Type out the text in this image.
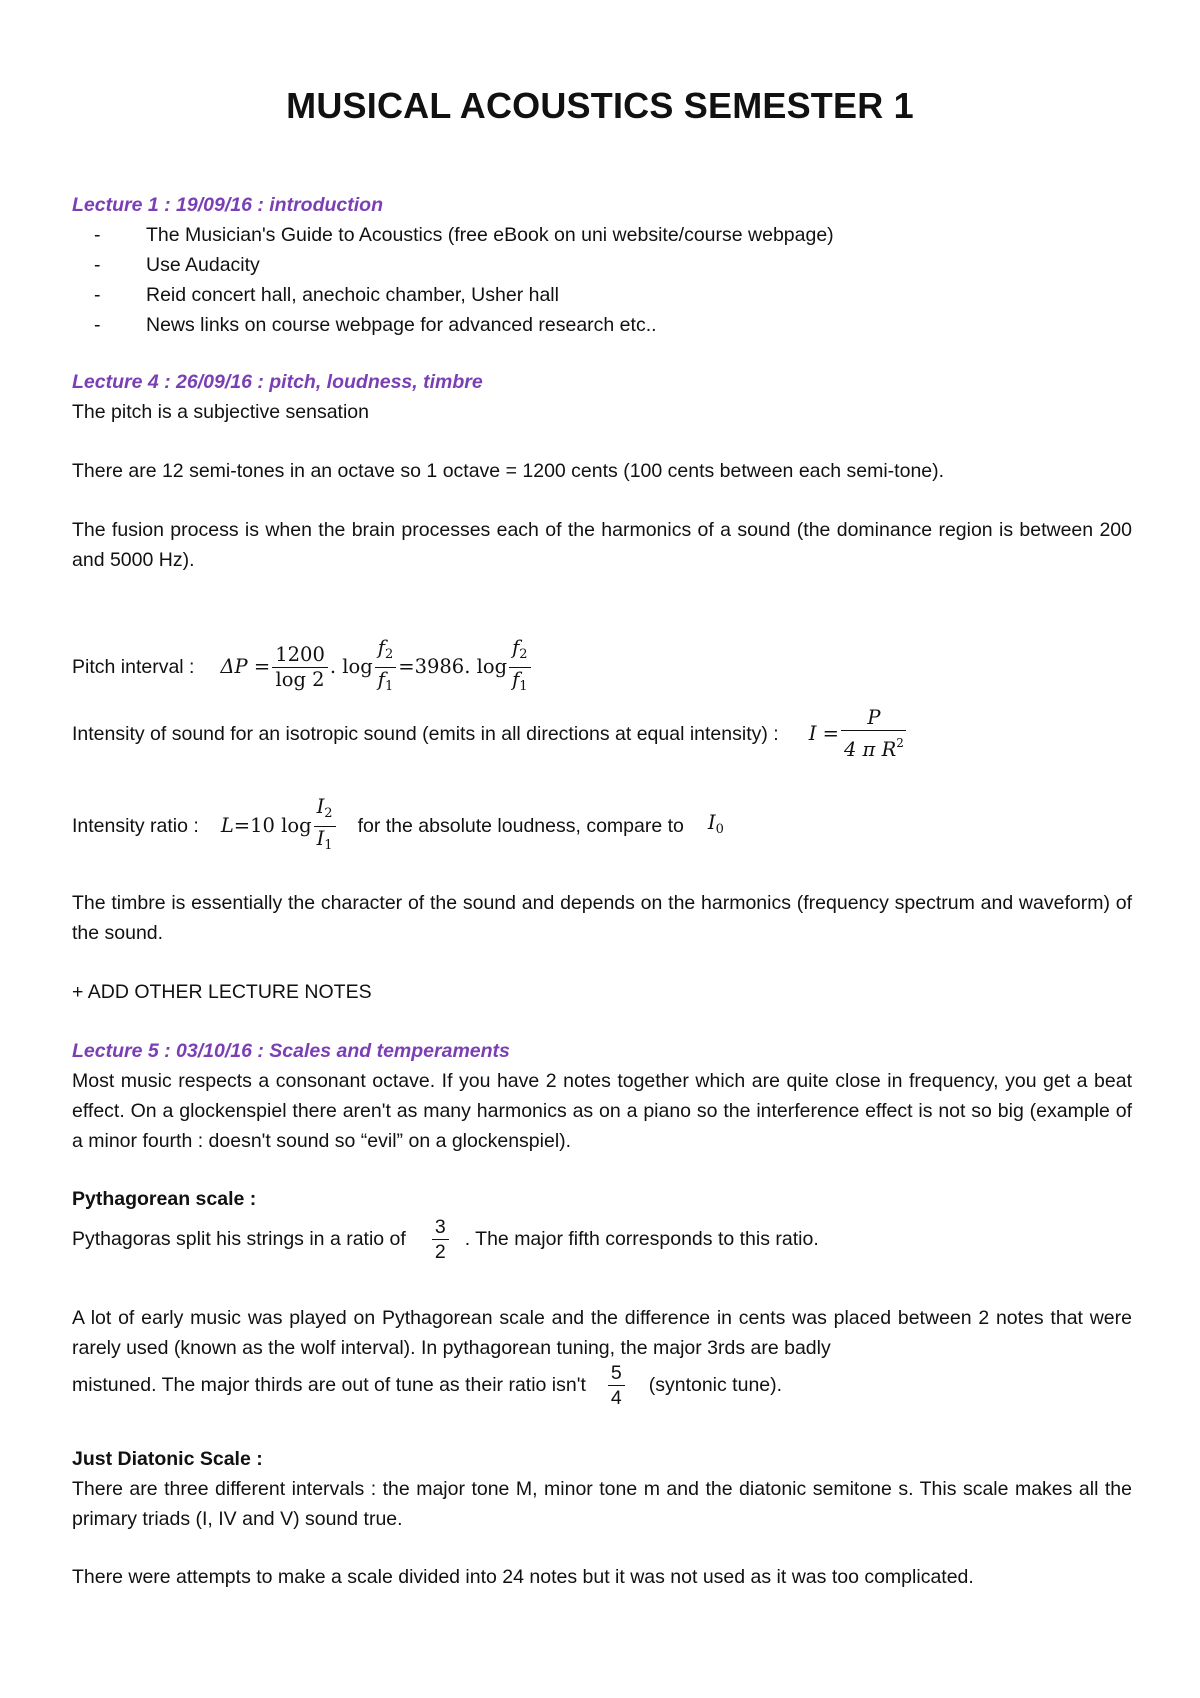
MUSICAL ACOUSTICS SEMESTER 1
Lecture 1 : 19/09/16 : introduction
- The Musician's Guide to Acoustics (free eBook on uni website/course webpage)
- Use Audacity
- Reid concert hall, anechoic chamber, Usher hall
- News links on course webpage for advanced research etc..
Lecture 4 : 26/09/16 : pitch, loudness, timbre
The pitch is a subjective sensation
There are 12 semi-tones in an octave so 1 octave = 1200 cents (100 cents between each semi-tone).
The fusion process is when the brain processes each of the harmonics of a sound (the dominance region is between 200 and 5000 Hz).
Pitch interval : $\Delta P = \frac{1200}{\log 2}$ . $\log \frac{f_2}{f_1} = 3986$.
$\log \frac{f_2}{f_1}$
Intensity of sound for an isotropic sound (emits in all directions at equal intensity) : $I = \frac{P}{4 \pi R^2}$
Intensity ratio : L = 10 $\log \frac{I_2}{I_1}$ for the absolute loudness, compare to $I_0$
The timbre is essentially the character of the sound and depends on the harmonics (frequency spectrum and waveform) of the sound.
+ ADD OTHER LECTURE NOTES
Lecture 5 : 03/10/16 : Scales and temperaments
Most music respects a consonant octave. If you have 2 notes together which are quite close in frequency, you get a beat effect. On a glockenspiel there aren't as many harmonics as on a piano so the interference effect is not so big (example of a minor fourth : doesn't sound so “evil” on a glockenspiel).
Pythagorean scale :
Pythagoras split his strings in a ratio of $\frac{3}{2}$ . The major fifth corresponds to this ratio.
A lot of early music was played on Pythagorean scale and the difference in cents was placed between 2 notes that were rarely used (known as the wolf interval). In pythagorean tuning, the major 3rds are badly
mistuned. The major thirds are out of tune as their ratio $isn't \frac{5}{4}$ (syntonic tune).
Just Diatonic Scale :
There are three different intervals : the major tone M, minor tone m and the diatonic semitone s. This scale makes all the primary triads (I, IV and V) sound true.
There were attempts to make a scale divided into 24 notes but it was not used as it was too complicated.
